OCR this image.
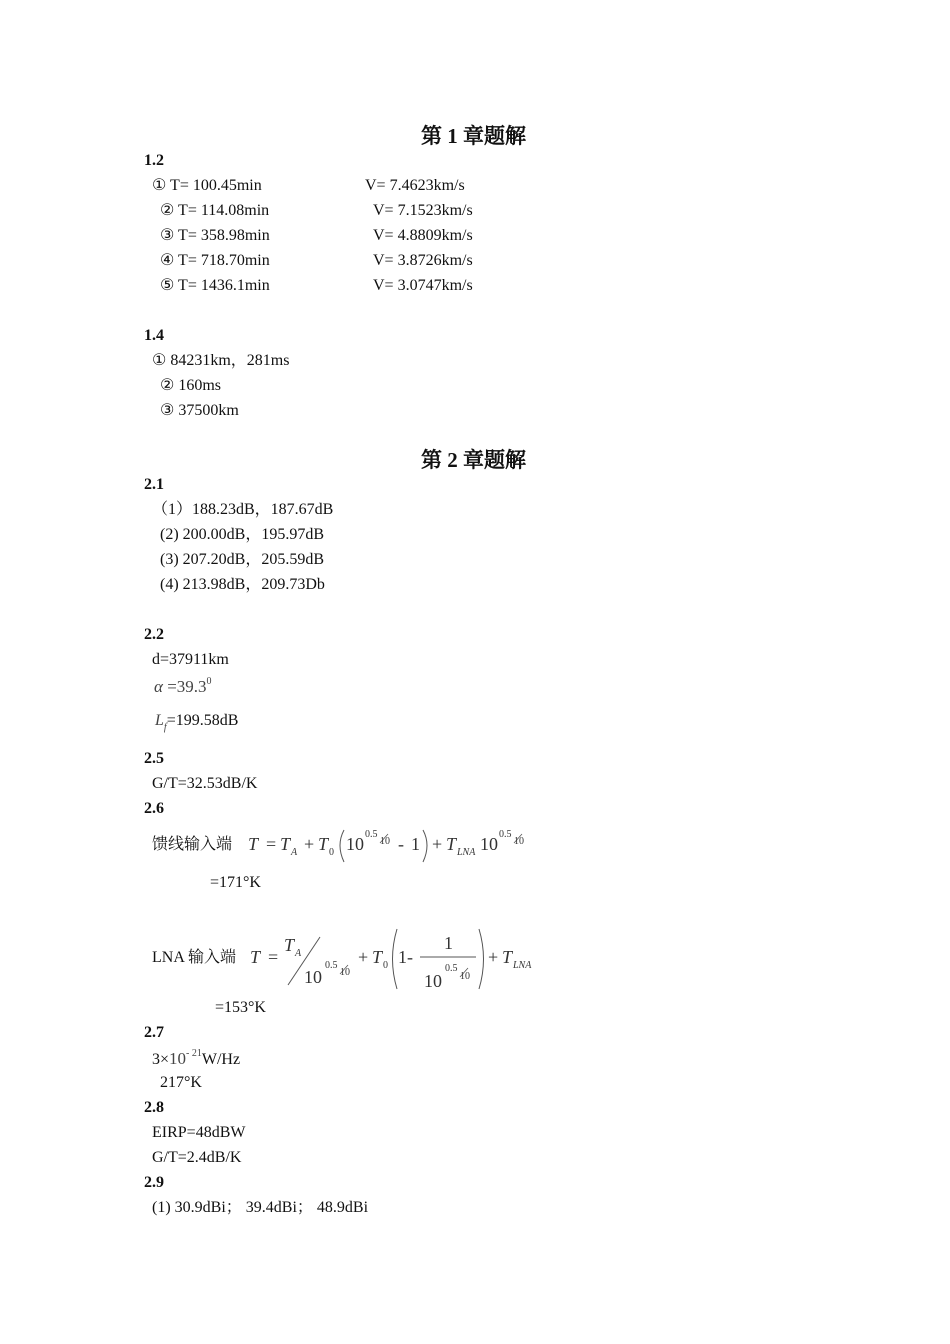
第 1 章题解
1.2
① T= 100.45min	V= 7.4623km/s
② T= 114.08min	V= 7.1523km/s
③ T= 358.98min	V= 4.8809km/s
④ T= 718.70min	V= 3.8726km/s
⑤ T= 1436.1min	V= 3.0747km/s
1.4
① 84231km，281ms
② 160ms
③ 37500km
第 2 章题解
2.1
（1）188.23dB，187.67dB
(2) 200.00dB，195.97dB
(3) 207.20dB，205.59dB
(4) 213.98dB，209.73Db
2.2
d=37911km
$\alpha =39.3^0$
$L_f=199.58dB$
2.5
G/T=32.53dB/K
2.6
馈线输入端 T = T A + T 0 10 0.5
10 - 1 + T LNA 10 0.5
10
=171°K
LNA 输入端 T =
T A
10
0.5
10
+ T 0 1-
1
10
0.5
10
+ T LNA
=153°K
2.7
$3\times 10^{- 21}W/Hz$
217°K
2.8
EIRP=48dBW
G/T=2.4dB/K
2.9
(1) 30.9dBi； 39.4dBi； 48.9dBi
